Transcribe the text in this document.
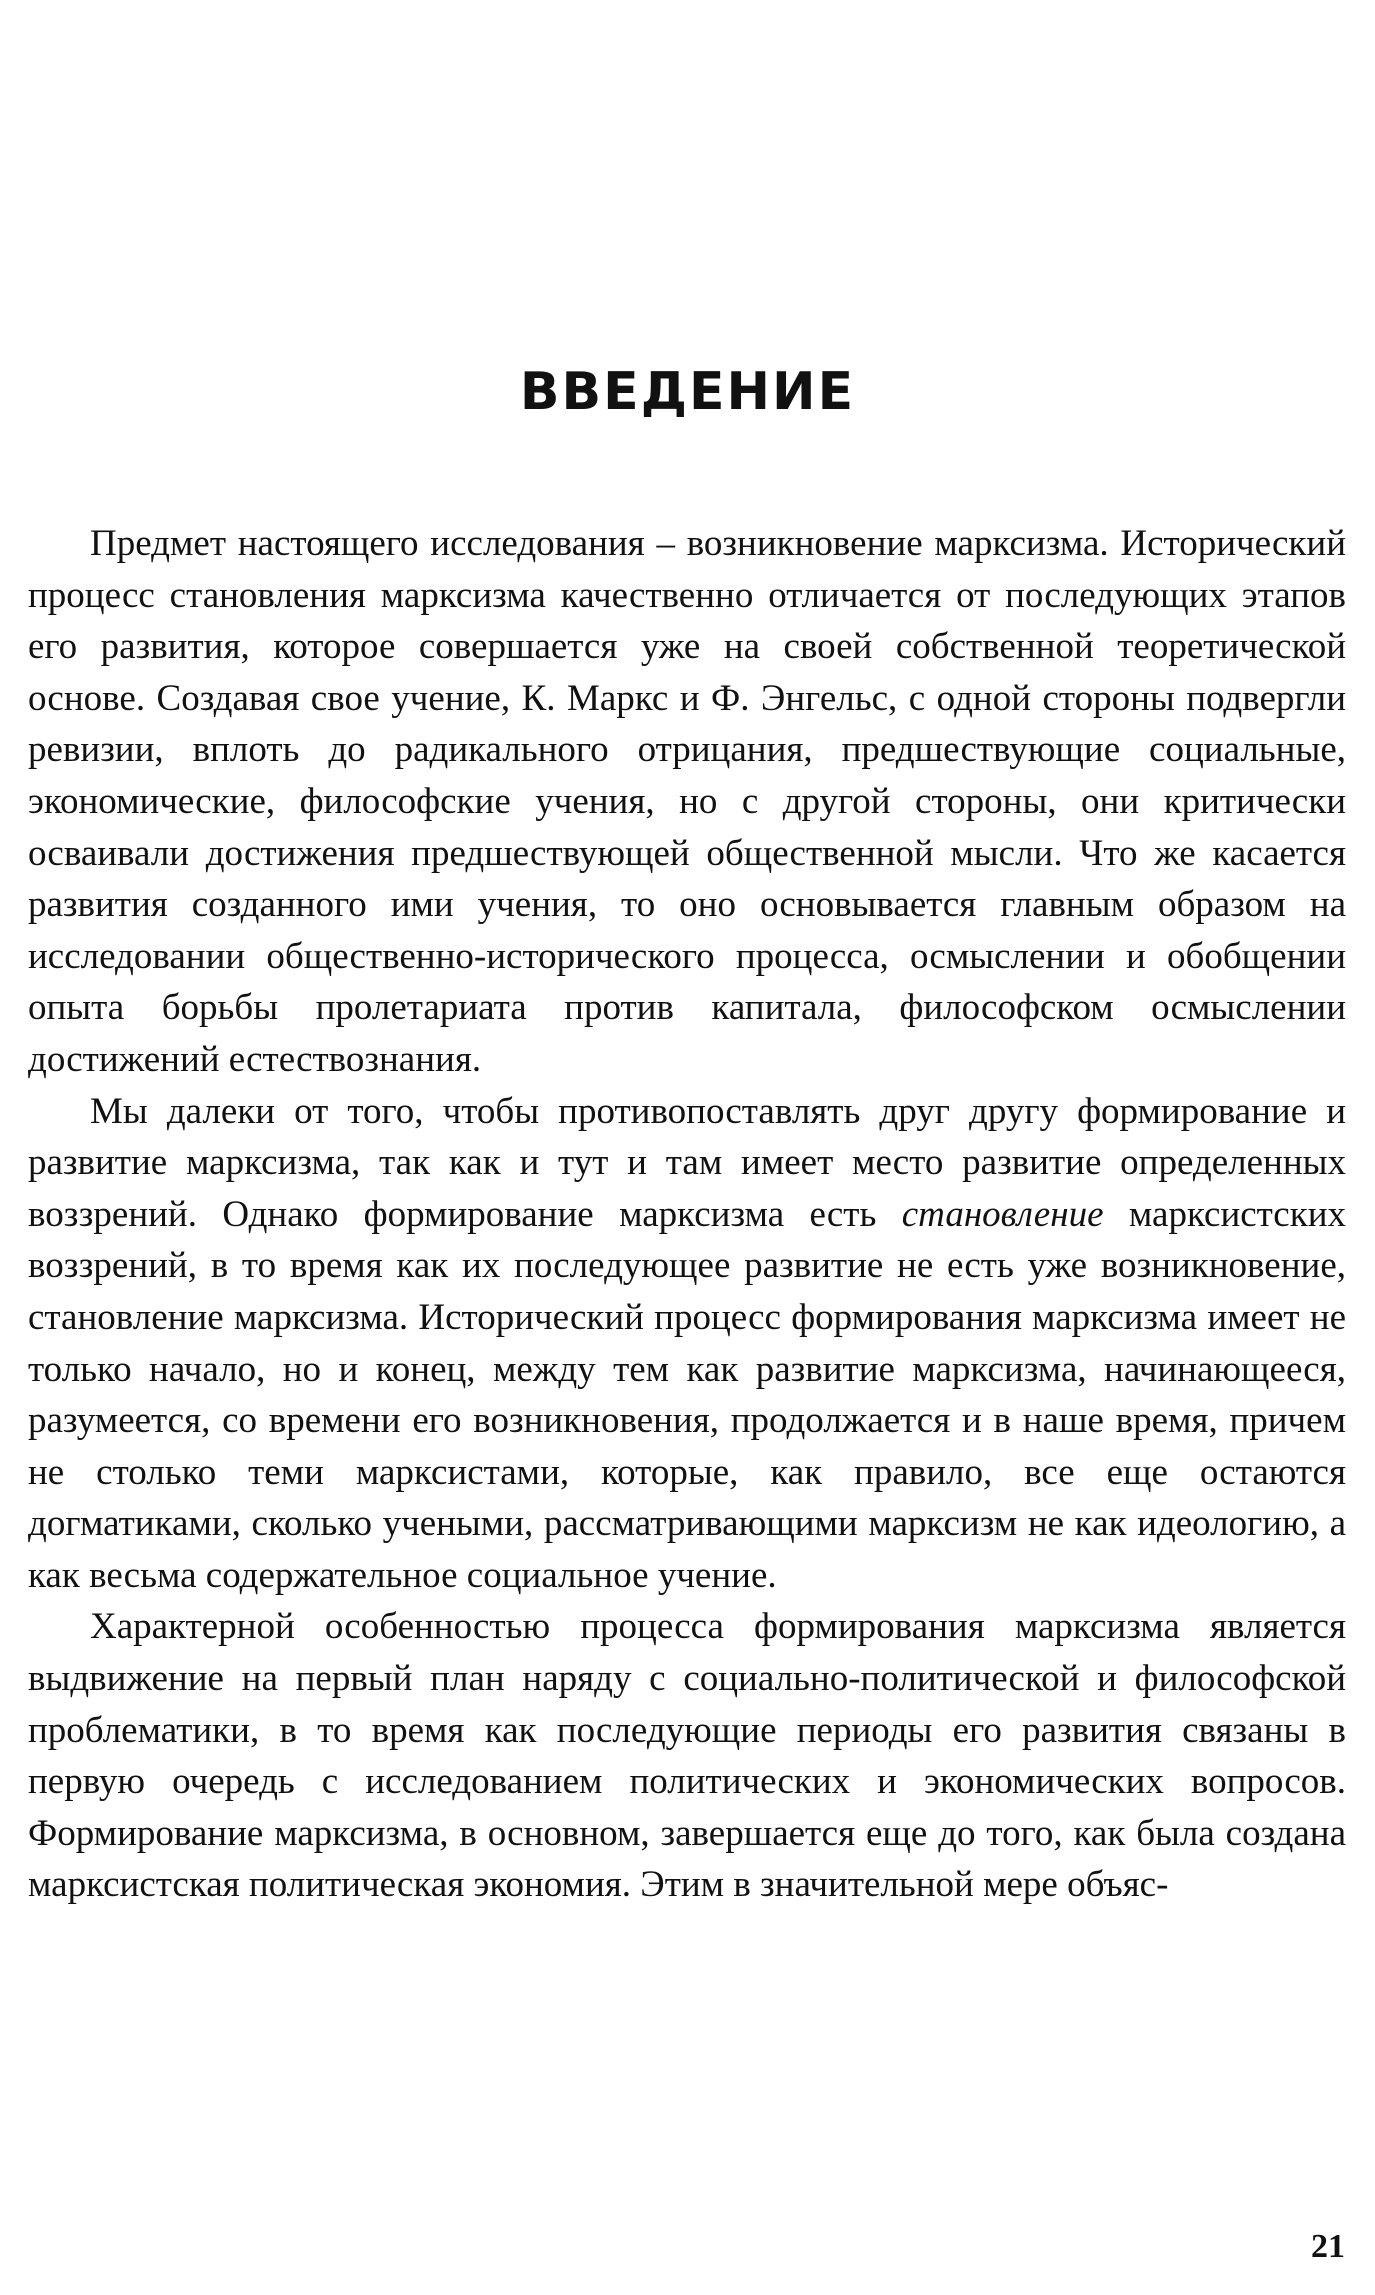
ВВЕДЕНИЕ

Предмет настоящего исследования – возникновение марксизма. Исторический процесс становления марксизма качественно отличается от последующих этапов его развития, которое совершается уже на своей собственной теоретической основе. Создавая свое учение, К. Маркс и Ф. Энгельс, с одной стороны подвергли ревизии, вплоть до радикального отрицания, предшествующие социальные, экономические, философские учения, но с другой стороны, они критически осваивали достижения предшествующей общественной мысли. Что же касается развития созданного ими учения, то оно основывается главным образом на исследовании общественно-исторического процесса, осмыслении и обобщении опыта борьбы пролетариата против капитала, философском осмыслении достижений естествознания.

Мы далеки от того, чтобы противопоставлять друг другу формирование и развитие марксизма, так как и тут и там имеет место развитие определенных воззрений. Однако формирование марксизма есть становление марксистских воззрений, в то время как их последующее развитие не есть уже возникновение, становление марксизма. Исторический процесс формирования марксизма имеет не только начало, но и конец, между тем как развитие марксизма, начинающееся, разумеется, со времени его возникновения, продолжается и в наше время, причем не столько теми марксистами, которые, как правило, все еще остаются догматиками, сколько учеными, рассматривающими марксизм не как идеологию, а как весьма содержательное социальное учение.

Характерной особенностью процесса формирования марксизма является выдвижение на первый план наряду с социально-политической и философской проблематики, в то время как последующие периоды его развития связаны в первую очередь с исследованием политических и экономических вопросов. Формирование марксизма, в основном, завершается еще до того, как была создана марксистская политическая экономия. Этим в значительной мере объяс-

21
